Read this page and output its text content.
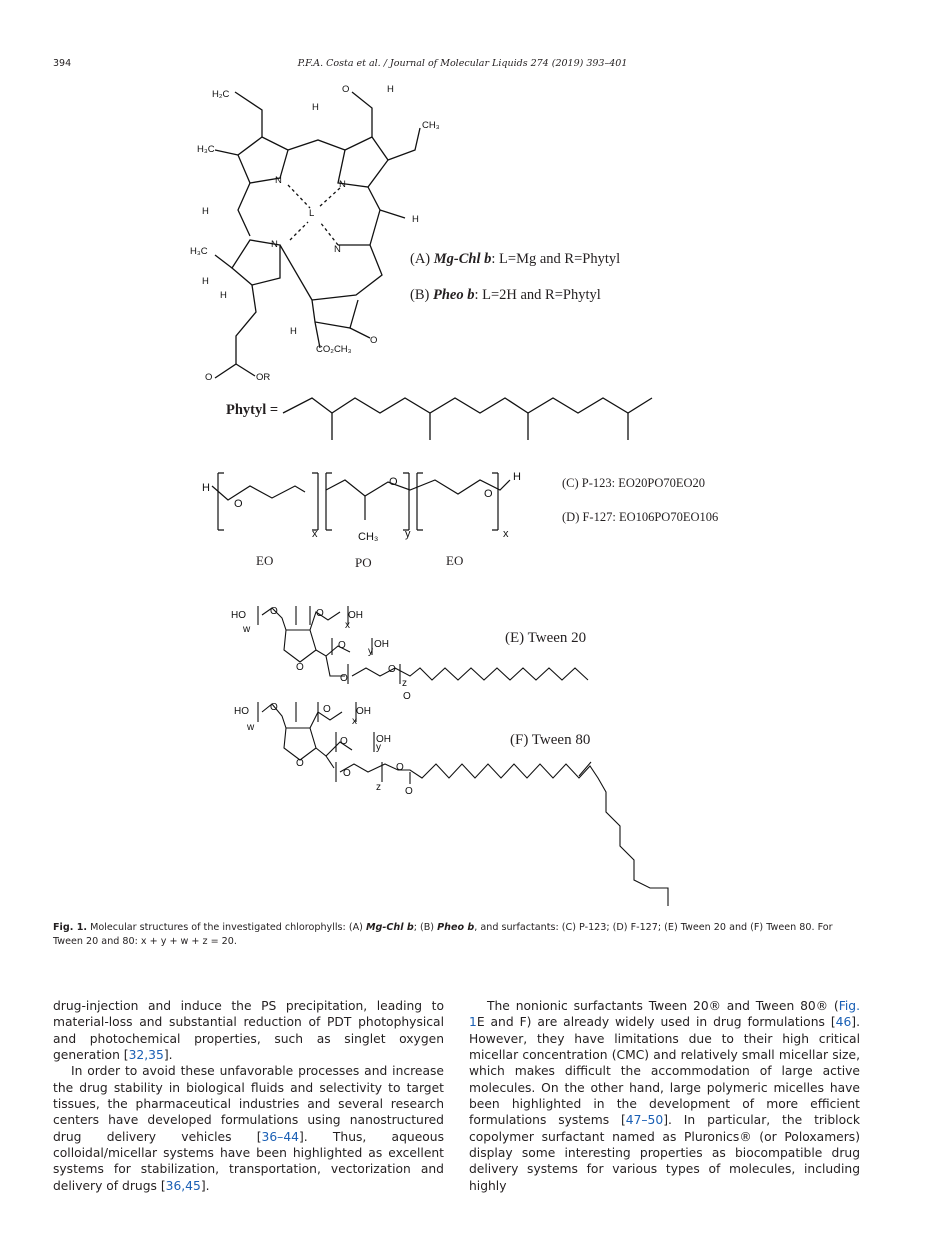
394	P.F.A. Costa et al. / Journal of Molecular Liquids 274 (2019) 393–401
H₂C
H₃C
N	N
L
N	N
H
O	H
CH₃
H
H
H₃C
H
H
H
O
CO₂CH₃
O	OR
H
O
O
O
H
x	CH₃ y	x
HO O
w
O OH
x
O
O	OH
y
O
O
z
O
HO O
w
O	OH
x
O
O	OH
y
O
z
O
O
(A) Mg-Chl b: L=Mg and R=Phytyl
(B) Pheo b: L=2H and R=Phytyl
Phytyl =
(C) P-123: EO20PO70EO20
(D) F-127: EO106PO70EO106
EO	PO	EO
(E) Tween 20
(F) Tween 80
Fig. 1. Molecular structures of the investigated chlorophylls: (A) Mg-Chl b; (B) Pheo b, and surfactants: (C) P-123; (D) F-127; (E) Tween 20 and (F) Tween 80. For Tween 20 and 80: x + y + w + z = 20.

drug-injection and induce the PS precipitation, leading to material-loss and substantial reduction of PDT photophysical and photochemical properties, such as singlet oxygen generation [32,35].

In order to avoid these unfavorable processes and increase the drug stability in biological fluids and selectivity to target tissues, the pharmaceutical industries and several research centers have developed formulations using nanostructured drug delivery vehicles [36–44]. Thus, aqueous colloidal/micellar systems have been highlighted as excellent systems for stabilization, transportation, vectorization and delivery of drugs [36,45].

The nonionic surfactants Tween 20® and Tween 80® (Fig. 1E and F) are already widely used in drug formulations [46]. However, they have limitations due to their high critical micellar concentration (CMC) and relatively small micellar size, which makes difficult the accommodation of large active molecules. On the other hand, large polymeric micelles have been highlighted in the development of more efficient formulations systems [47–50]. In particular, the triblock copolymer surfactant named as Pluronics® (or Poloxamers) display some interesting properties as biocompatible drug delivery systems for various types of molecules, including highly
